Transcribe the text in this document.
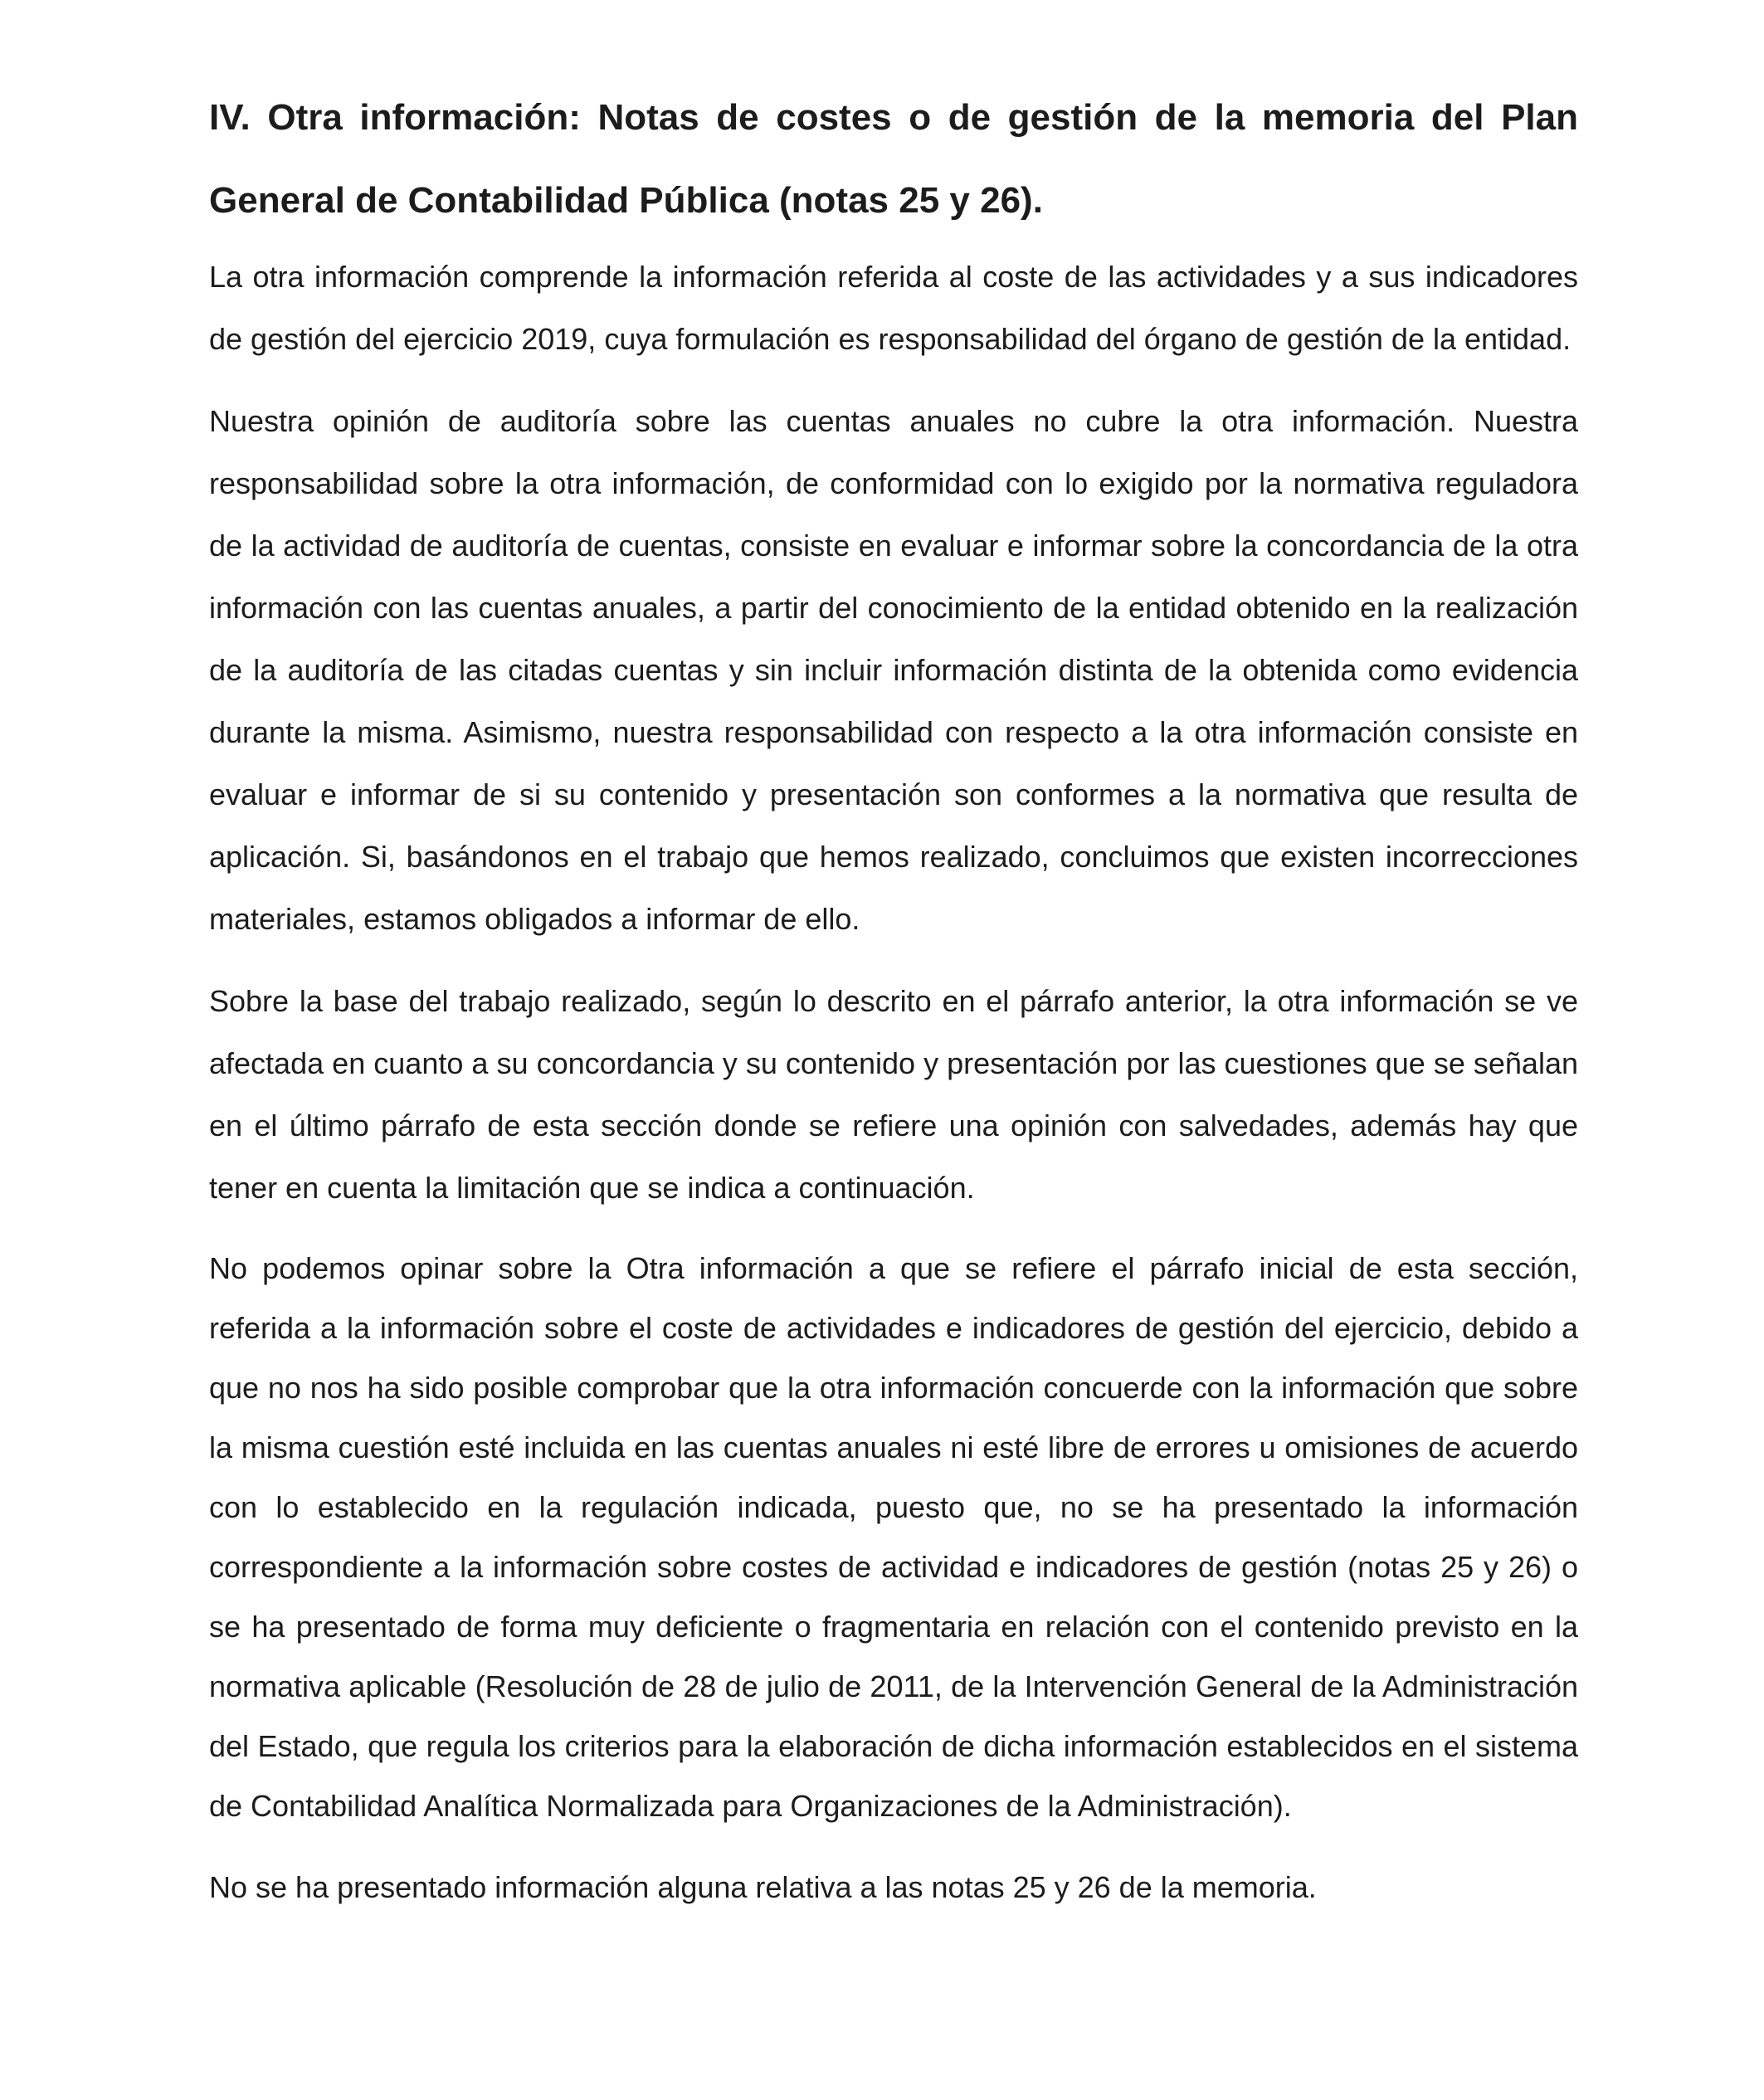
IV. Otra información: Notas de costes o de gestión de la memoria del Plan General de Contabilidad Pública (notas 25 y 26).

La otra información comprende la información referida al coste de las actividades y a sus indicadores de gestión del ejercicio 2019, cuya formulación es responsabilidad del órgano de gestión de la entidad.

Nuestra opinión de auditoría sobre las cuentas anuales no cubre la otra información. Nuestra responsabilidad sobre la otra información, de conformidad con lo exigido por la normativa reguladora de la actividad de auditoría de cuentas, consiste en evaluar e informar sobre la concordancia de la otra información con las cuentas anuales, a partir del conocimiento de la entidad obtenido en la realización de la auditoría de las citadas cuentas y sin incluir información distinta de la obtenida como evidencia durante la misma. Asimismo, nuestra responsabilidad con respecto a la otra información consiste en evaluar e informar de si su contenido y presentación son conformes a la normativa que resulta de aplicación. Si, basándonos en el trabajo que hemos realizado, concluimos que existen incorrecciones materiales, estamos obligados a informar de ello.

Sobre la base del trabajo realizado, según lo descrito en el párrafo anterior, la otra información se ve afectada en cuanto a su concordancia y su contenido y presentación por las cuestiones que se señalan en el último párrafo de esta sección donde se refiere una opinión con salvedades, además hay que tener en cuenta la limitación que se indica a continuación.

No podemos opinar sobre la Otra información a que se refiere el párrafo inicial de esta sección, referida a la información sobre el coste de actividades e indicadores de gestión del ejercicio, debido a que no nos ha sido posible comprobar que la otra información concuerde con la información que sobre la misma cuestión esté incluida en las cuentas anuales ni esté libre de errores u omisiones de acuerdo con lo establecido en la regulación indicada, puesto que, no se ha presentado la información correspondiente a la información sobre costes de actividad e indicadores de gestión (notas 25 y 26) o se ha presentado de forma muy deficiente o fragmentaria en relación con el contenido previsto en la normativa aplicable (Resolución de 28 de julio de 2011, de la Intervención General de la Administración del Estado, que regula los criterios para la elaboración de dicha información establecidos en el sistema de Contabilidad Analítica Normalizada para Organizaciones de la Administración).

No se ha presentado información alguna relativa a las notas 25 y 26 de la memoria.
